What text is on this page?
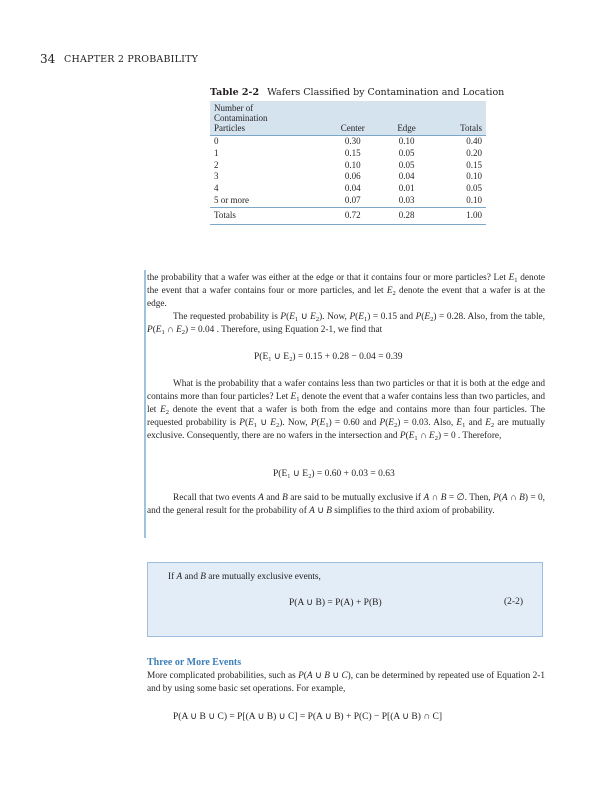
34 CHAPTER 2 PROBABILITY
Table 2-2 Wafers Classified by Contamination and Location
Number of
Contamination
Particles	Center	Edge	Totals
0	0.30	0.10	0.40
1	0.15	0.05	0.20
2	0.10	0.05	0.15
3	0.06	0.04	0.10
4	0.04	0.01	0.05
5 or more	0.07	0.03	0.10
Totals	0.72	0.28	1.00
the probability that a wafer was either at the edge or that it contains four or more particles? Let $E_1$ denote the event that a wafer contains four or more particles, and let $E_2$ denote the event that a wafer is at the edge.
The requested probability is $P(E_1$ ∪ $E_2$). Now, $P(E_1) = 0.15$ and $P(E_2) = 0.28$. Also, from the table, $P(E_1$ ∩ $E_2) = 0.04$ . Therefore, using Equation 2-1, we find that
P(E₁ ∪ E₂) = 0.15 + 0.28 − 0.04 = 0.39
What is the probability that a wafer contains less than two particles or that it is both at the edge and contains more than four particles? Let $E_1$ denote the event that a wafer contains less than two particles, and let $E_2$ denote the event that a wafer is both from the edge and contains more than four particles. The requested probability is $P(E_1$ ∪ $E_2$). Now, $P(E_1) = 0.60$ and $P(E_2) = 0.03$. Also, $E_1$ and $E_2$ are mutually exclusive. Consequently, there are no wafers in the intersection and $P(E_1$ ∩ $E_2) = 0$ . Therefore,
P(E₁ ∪ E₂) = 0.60 + 0.03 = 0.63
Recall that two events A and B are said to be mutually exclusive if A ∩ B = ∅. Then, P(A ∩ B) = 0, and the general result for the probability of A ∪ B simplifies to the third axiom of probability.
If A and B are mutually exclusive events,
P(A ∪ B) = P(A) + P(B)	(2-2)
Three or More Events
More complicated probabilities, such as P(A ∪ B ∪ C), can be determined by repeated use of Equation 2-1 and by using some basic set operations. For example,
P(A ∪ B ∪ C) = P[(A ∪ B) ∪ C] = P(A ∪ B) + P(C) − P[(A ∪ B) ∩ C]
